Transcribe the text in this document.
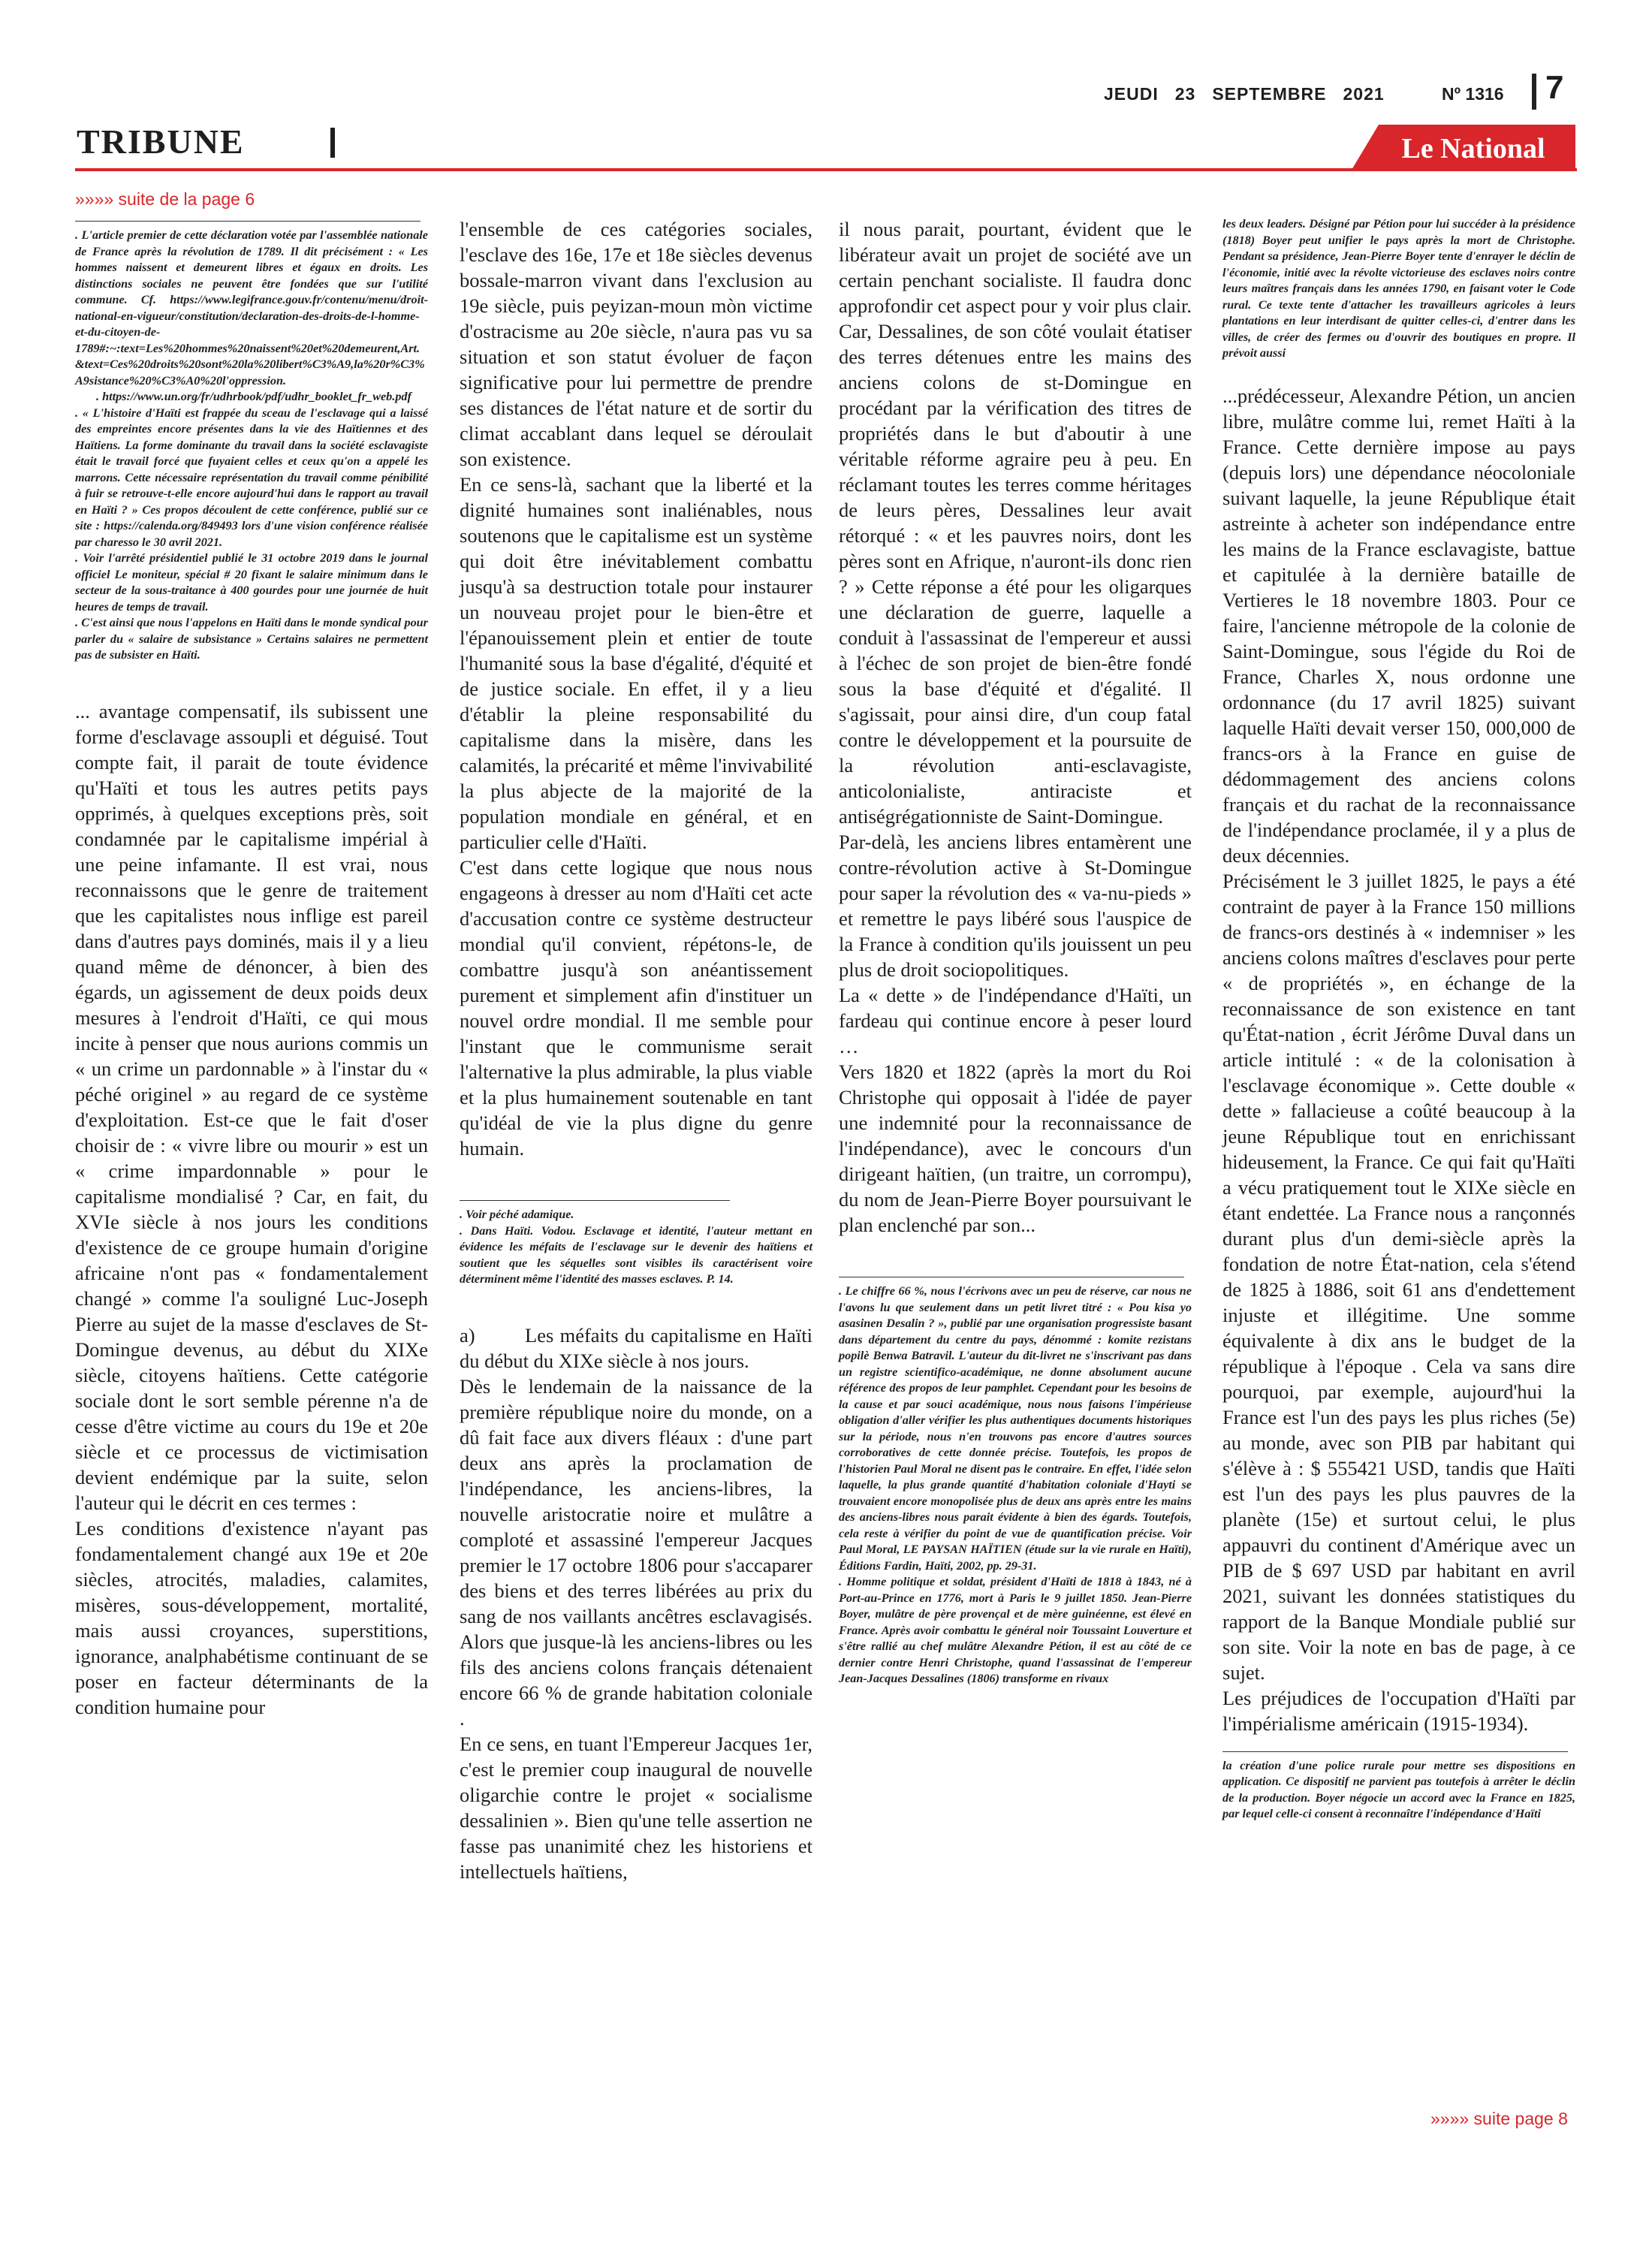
JEUDI 23 SEPTEMBRE 2021	Nº 1316 7
TRIBUNE	Le National
»»»» suite de la page 6

. L'article premier de cette déclaration votée par l'assemblée nationale de France après la révolution de 1789. Il dit précisément : « Les hommes naissent et demeurent libres et égaux en droits. Les distinctions sociales ne peuvent être fondées que sur l'utilité commune. Cf. https://www.legifrance.gouv.fr/contenu/menu/droit-national-en-vigueur/constitution/declaration-des-droits-de-l-homme-et-du-citoyen-de-1789#:~:text=Les%20hommes%20naissent%20et%20demeurent,Art.&text=Ces%20droits%20sont%20la%20libert%C3%A9,la%20r%C3%A9sistance%20%C3%A0%20l'oppression.

. https://www.un.org/fr/udhrbook/pdf/udhr_booklet_fr_web.pdf

. « L'histoire d'Haïti est frappée du sceau de l'esclavage qui a laissé des empreintes encore présentes dans la vie des Haïtiennes et des Haïtiens. La forme dominante du travail dans la société esclavagiste était le travail forcé que fuyaient celles et ceux qu'on a appelé les marrons. Cette nécessaire représentation du travail comme pénibilité à fuir se retrouve-t-elle encore aujourd'hui dans le rapport au travail en Haïti ? » Ces propos découlent de cette conférence, publié sur ce site : https://calenda.org/849493 lors d'une vision conférence réalisée par charesso le 30 avril 2021.

. Voir l'arrêté présidentiel publié le 31 octobre 2019 dans le journal officiel Le moniteur, spécial # 20 fixant le salaire minimum dans le secteur de la sous-traitance à 400 gourdes pour une journée de huit heures de temps de travail.

. C'est ainsi que nous l'appelons en Haïti dans le monde syndical pour parler du « salaire de subsistance » Certains salaires ne permettent pas de subsister en Haïti.

... avantage compensatif, ils subissent une forme d'esclavage assoupli et déguisé. Tout compte fait, il parait de toute évidence qu'Haïti et tous les autres petits pays opprimés, à quelques exceptions près, soit condamnée par le capitalisme impérial à une peine infamante. Il est vrai, nous reconnaissons que le genre de traitement que les capitalistes nous inflige est pareil dans d'autres pays dominés, mais il y a lieu quand même de dénoncer, à bien des égards, un agissement de deux poids deux mesures à l'endroit d'Haïti, ce qui mous incite à penser que nous aurions commis un « un crime un pardonnable » à l'instar du « péché originel » au regard de ce système d'exploitation. Est-ce que le fait d'oser choisir de : « vivre libre ou mourir » est un « crime impardonnable » pour le capitalisme mondialisé ? Car, en fait, du XVIe siècle à nos jours les conditions d'existence de ce groupe humain d'origine africaine n'ont pas « fondamentalement changé » comme l'a souligné Luc-Joseph Pierre au sujet de la masse d'esclaves de St-Domingue devenus, au début du XIXe siècle, citoyens haïtiens. Cette catégorie sociale dont le sort semble pérenne n'a de cesse d'être victime au cours du 19e et 20e siècle et ce processus de victimisation devient endémique par la suite, selon l'auteur qui le décrit en ces termes :

Les conditions d'existence n'ayant pas fondamentalement changé aux 19e et 20e siècles, atrocités, maladies, calamites, misères, sous-développement, mortalité, mais aussi croyances, superstitions, ignorance, analphabétisme continuant de se poser en facteur déterminants de la condition humaine pour

l'ensemble de ces catégories sociales, l'esclave des 16e, 17e et 18e siècles devenus bossale-marron vivant dans l'exclusion au 19e siècle, puis peyizan-moun mòn victime d'ostracisme au 20e siècle, n'aura pas vu sa situation et son statut évoluer de façon significative pour lui permettre de prendre ses distances de l'état nature et de sortir du climat accablant dans lequel se déroulait son existence.

En ce sens-là, sachant que la liberté et la dignité humaines sont inaliénables, nous soutenons que le capitalisme est un système qui doit être inévitablement combattu jusqu'à sa destruction totale pour instaurer un nouveau projet pour le bien-être et l'épanouissement plein et entier de toute l'humanité sous la base d'égalité, d'équité et de justice sociale. En effet, il y a lieu d'établir la pleine responsabilité du capitalisme dans la misère, dans les calamités, la précarité et même l'invivabilité la plus abjecte de la majorité de la population mondiale en général, et en particulier celle d'Haïti.

C'est dans cette logique que nous nous engageons à dresser au nom d'Haïti cet acte d'accusation contre ce système destructeur mondial qu'il convient, répétons-le, de combattre jusqu'à son anéantissement purement et simplement afin d'instituer un nouvel ordre mondial. Il me semble pour l'instant que le communisme serait l'alternative la plus admirable, la plus viable et la plus humainement soutenable en tant qu'idéal de vie la plus digne du genre humain.

. Voir péché adamique.

. Dans Haïti. Vodou. Esclavage et identité, l'auteur mettant en évidence les méfaits de l'esclavage sur le devenir des haïtiens et soutient que les séquelles sont visibles ils caractérisent voire déterminent même l'identité des masses esclaves. P. 14.

a)        Les méfaits du capitalisme en Haïti du début du XIXe siècle à nos jours.

Dès le lendemain de la naissance de la première république noire du monde, on a dû fait face aux divers fléaux : d'une part deux ans après la proclamation de l'indépendance, les anciens-libres, la nouvelle aristocratie noire et mulâtre a comploté et assassiné l'empereur Jacques premier le 17 octobre 1806 pour s'accaparer des biens et des terres libérées au prix du sang de nos vaillants ancêtres esclavagisés. Alors que jusque-là les anciens-libres ou les fils des anciens colons français détenaient encore 66 % de grande habitation coloniale .

En ce sens, en tuant l'Empereur Jacques 1er, c'est le premier coup inaugural de nouvelle oligarchie contre le projet « socialisme dessalinien ». Bien qu'une telle assertion ne fasse pas unanimité chez les historiens et intellectuels haïtiens,

il nous parait, pourtant, évident que le libérateur avait un projet de société ave un certain penchant socialiste. Il faudra donc approfondir cet aspect pour y voir plus clair. Car, Dessalines, de son côté voulait étatiser des terres détenues entre les mains des anciens colons de st-Domingue en procédant par la vérification des titres de propriétés dans le but d'aboutir à une véritable réforme agraire peu à peu. En réclamant toutes les terres comme héritages de leurs pères, Dessalines leur avait rétorqué : « et les pauvres noirs, dont les pères sont en Afrique, n'auront-ils donc rien ? » Cette réponse a été pour les oligarques une déclaration de guerre, laquelle a conduit à l'assassinat de l'empereur et aussi à l'échec de son projet de bien-être fondé sous la base d'équité et d'égalité. Il s'agissait, pour ainsi dire, d'un coup fatal contre le développement et la poursuite de la révolution anti-esclavagiste, anticolonialiste, antiraciste et antiségrégationniste de Saint-Domingue.

Par-delà, les anciens libres entamèrent une contre-révolution active à St-Domingue pour saper la révolution des « va-nu-pieds » et remettre le pays libéré sous l'auspice de la France à condition qu'ils jouissent un peu plus de droit sociopolitiques.

La « dette » de l'indépendance d'Haïti, un fardeau qui continue encore à peser lourd …

Vers 1820 et 1822 (après la mort du Roi Christophe qui opposait à l'idée de payer une indemnité pour la reconnaissance de l'indépendance), avec le concours d'un dirigeant haïtien, (un traitre, un corrompu), du nom de Jean-Pierre Boyer poursuivant le plan enclenché par son...

. Le chiffre 66 %, nous l'écrivons avec un peu de réserve, car nous ne l'avons lu que seulement dans un petit livret titré : « Pou kisa yo asasinen Desalin ? », publié par une organisation progressiste basant dans département du centre du pays, dénommé : komite rezistans popilè Benwa Batravil. L'auteur du dit-livret ne s'inscrivant pas dans un registre scientifico-académique, ne donne absolument aucune référence des propos de leur pamphlet. Cependant pour les besoins de la cause et par souci académique, nous nous faisons l'impérieuse obligation d'aller vérifier les plus authentiques documents historiques sur la période, nous n'en trouvons pas encore d'autres sources corroboratives de cette donnée précise. Toutefois, les propos de l'historien Paul Moral ne disent pas le contraire. En effet, l'idée selon laquelle, la plus grande quantité d'habitation coloniale d'Hayti se trouvaient encore monopolisée plus de deux ans après entre les mains des anciens-libres nous parait évidente à bien des égards. Toutefois, cela reste à vérifier du point de vue de quantification précise. Voir Paul Moral, LE PAYSAN HAÏTIEN (étude sur la vie rurale en Haïti), Éditions Fardin, Haïti, 2002, pp. 29-31.

. Homme politique et soldat, président d'Haïti de 1818 à 1843, né à Port-au-Prince en 1776, mort à Paris le 9 juillet 1850. Jean-Pierre Boyer, mulâtre de père provençal et de mère guinéenne, est élevé en France. Après avoir combattu le général noir Toussaint Louverture et s'être rallié au chef mulâtre Alexandre Pétion, il est au côté de ce dernier contre Henri Christophe, quand l'assassinat de l'empereur Jean-Jacques Dessalines (1806) transforme en rivaux

les deux leaders. Désigné par Pétion pour lui succéder à la présidence (1818) Boyer peut unifier le pays après la mort de Christophe. Pendant sa présidence, Jean-Pierre Boyer tente d'enrayer le déclin de l'économie, initié avec la révolte victorieuse des esclaves noirs contre leurs maîtres français dans les années 1790, en faisant voter le Code rural. Ce texte tente d'attacher les travailleurs agricoles à leurs plantations en leur interdisant de quitter celles-ci, d'entrer dans les villes, de créer des fermes ou d'ouvrir des boutiques en propre. Il prévoit aussi

...prédécesseur, Alexandre Pétion, un ancien libre, mulâtre comme lui, remet Haïti à la France. Cette dernière impose au pays (depuis lors) une dépendance néocoloniale suivant laquelle, la jeune République était astreinte à acheter son indépendance entre les mains de la France esclavagiste, battue et capitulée à la dernière bataille de Vertieres le 18 novembre 1803. Pour ce faire, l'ancienne métropole de la colonie de Saint-Domingue, sous l'égide du Roi de France, Charles X, nous ordonne une ordonnance (du 17 avril 1825) suivant laquelle Haïti devait verser 150, 000,000 de francs-ors à la France en guise de dédommagement des anciens colons français et du rachat de la reconnaissance de l'indépendance proclamée, il y a plus de deux décennies.

Précisément le 3 juillet 1825, le pays a été contraint de payer à la France 150 millions de francs-ors destinés à « indemniser » les anciens colons maîtres d'esclaves pour perte « de propriétés », en échange de la reconnaissance de son existence en tant qu'État-nation , écrit Jérôme Duval dans un article intitulé : « de la colonisation à l'esclavage économique ». Cette double « dette » fallacieuse a coûté beaucoup à la jeune République tout en enrichissant hideusement, la France. Ce qui fait qu'Haïti a vécu pratiquement tout le XIXe siècle en étant endettée. La France nous a rançonnés durant plus d'un demi-siècle après la fondation de notre État-nation, cela s'étend de 1825 à 1886, soit 61 ans d'endettement injuste et illégitime. Une somme équivalente à dix ans le budget de la république à l'époque . Cela va sans dire pourquoi, par exemple, aujourd'hui la France est l'un des pays les plus riches (5e) au monde, avec son PIB par habitant qui s'élève à : $ 555421 USD, tandis que Haïti est l'un des pays les plus pauvres de la planète (15e) et surtout celui, le plus appauvri du continent d'Amérique avec un PIB de $ 697 USD par habitant en avril 2021, suivant les données statistiques du rapport de la Banque Mondiale publié sur son site. Voir la note en bas de page, à ce sujet.

Les préjudices de l'occupation d'Haïti par l'impérialisme américain (1915-1934).

la création d'une police rurale pour mettre ses dispositions en application. Ce dispositif ne parvient pas toutefois à arrêter le déclin de la production. Boyer négocie un accord avec la France en 1825, par lequel celle-ci consent à reconnaître l'indépendance d'Haïti

»»»» suite page 8
